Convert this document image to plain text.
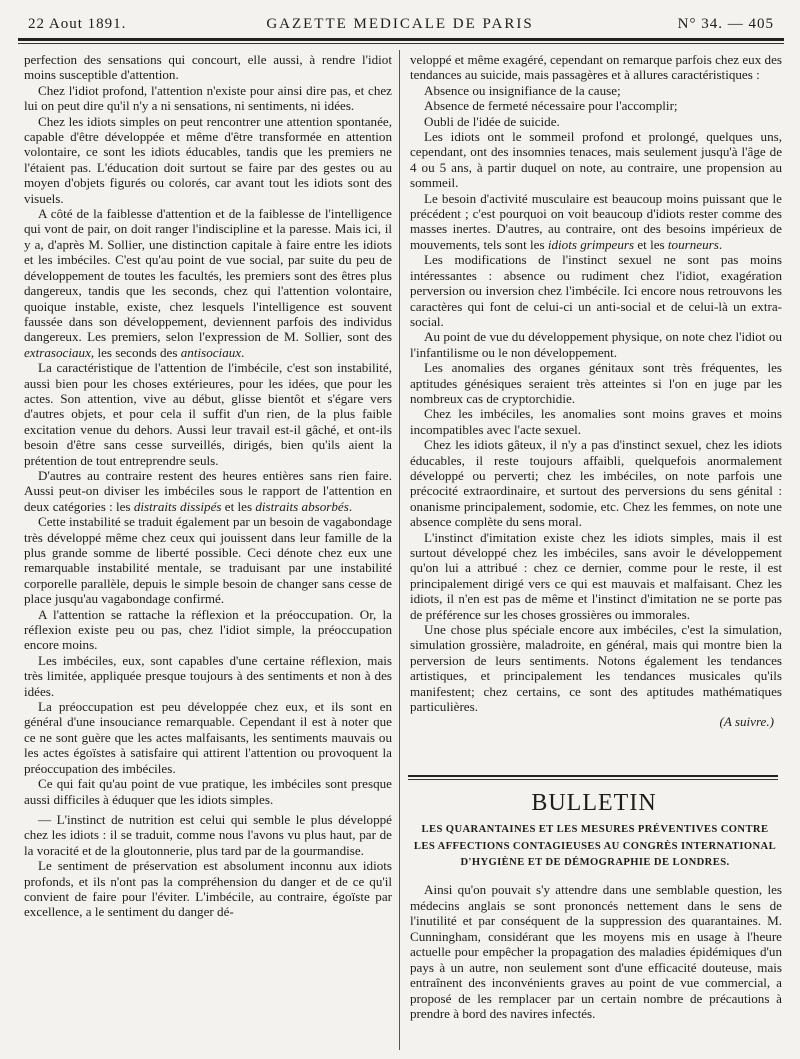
22 Aout 1891.	GAZETTE MEDICALE DE PARIS	N° 34. — 405

perfection des sensations qui concourt, elle aussi, à rendre l'idiot moins susceptible d'attention.

Chez l'idiot profond, l'attention n'existe pour ainsi dire pas, et chez lui on peut dire qu'il n'y a ni sensations, ni sentiments, ni idées.

Chez les idiots simples on peut rencontrer une attention spontanée, capable d'être développée et même d'être transformée en attention volontaire, ce sont les idiots éducables, tandis que les premiers ne l'étaient pas. L'éducation doit surtout se faire par des gestes ou au moyen d'objets figurés ou colorés, car avant tout les idiots sont des visuels.

A côté de la faiblesse d'attention et de la faiblesse de l'intelligence qui vont de pair, on doit ranger l'indiscipline et la paresse. Mais ici, il y a, d'après M. Sollier, une distinction capitale à faire entre les idiots et les imbéciles. C'est qu'au point de vue social, par suite du peu de développement de toutes les facultés, les premiers sont des êtres plus dangereux, tandis que les seconds, chez qui l'attention volontaire, quoique instable, existe, chez lesquels l'intelligence est souvent faussée dans son développement, deviennent parfois des individus dangereux. Les premiers, selon l'expression de M. Sollier, sont des extrasociaux, les seconds des antisociaux.

La caractéristique de l'attention de l'imbécile, c'est son instabilité, aussi bien pour les choses extérieures, pour les idées, que pour les actes. Son attention, vive au début, glisse bientôt et s'égare vers d'autres objets, et pour cela il suffit d'un rien, de la plus faible excitation venue du dehors. Aussi leur travail est-il gâché, et ont-ils besoin d'être sans cesse surveillés, dirigés, bien qu'ils aient la prétention de tout entreprendre seuls.

D'autres au contraire restent des heures entières sans rien faire. Aussi peut-on diviser les imbéciles sous le rapport de l'attention en deux catégories : les distraits dissipés et les distraits absorbés.

Cette instabilité se traduit également par un besoin de vagabondage très développé même chez ceux qui jouissent dans leur famille de la plus grande somme de liberté possible. Ceci dénote chez eux une remarquable instabilité mentale, se traduisant par une instabilité corporelle parallèle, depuis le simple besoin de changer sans cesse de place jusqu'au vagabondage confirmé.

A l'attention se rattache la réflexion et la préoccupation. Or, la réflexion existe peu ou pas, chez l'idiot simple, la préoccupation encore moins.

Les imbéciles, eux, sont capables d'une certaine réflexion, mais très limitée, appliquée presque toujours à des sentiments et non à des idées.

La préoccupation est peu développée chez eux, et ils sont en général d'une insouciance remarquable. Cependant il est à noter que ce ne sont guère que les actes malfaisants, les sentiments mauvais ou les actes égoïstes à satisfaire qui attirent l'attention ou provoquent la préoccupation des imbéciles.

Ce qui fait qu'au point de vue pratique, les imbéciles sont presque aussi difficiles à éduquer que les idiots simples.

— L'instinct de nutrition est celui qui semble le plus développé chez les idiots : il se traduit, comme nous l'avons vu plus haut, par de la voracité et de la gloutonnerie, plus tard par de la gourmandise.

Le sentiment de préservation est absolument inconnu aux idiots profonds, et ils n'ont pas la compréhension du danger et de ce qu'il convient de faire pour l'éviter. L'imbécile, au contraire, égoïste par excellence, a le sentiment du danger dé-

veloppé et même exagéré, cependant on remarque parfois chez eux des tendances au suicide, mais passagères et à allures caractéristiques :

Absence ou insignifiance de la cause;

Absence de fermeté nécessaire pour l'accomplir;

Oubli de l'idée de suicide.

Les idiots ont le sommeil profond et prolongé, quelques uns, cependant, ont des insomnies tenaces, mais seulement jusqu'à l'âge de 4 ou 5 ans, à partir duquel on note, au contraire, une propension au sommeil.

Le besoin d'activité musculaire est beaucoup moins puissant que le précédent ; c'est pourquoi on voit beaucoup d'idiots rester comme des masses inertes. D'autres, au contraire, ont des besoins impérieux de mouvements, tels sont les idiots grimpeurs et les tourneurs.

Les modifications de l'instinct sexuel ne sont pas moins intéressantes : absence ou rudiment chez l'idiot, exagération perversion ou inversion chez l'imbécile. Ici encore nous retrouvons les caractères qui font de celui-ci un anti-social et de celui-là un extra-social.

Au point de vue du développement physique, on note chez l'idiot ou l'infantilisme ou le non développement.

Les anomalies des organes génitaux sont très fréquentes, les aptitudes génésiques seraient très atteintes si l'on en juge par les nombreux cas de cryptorchidie.

Chez les imbéciles, les anomalies sont moins graves et moins incompatibles avec l'acte sexuel.

Chez les idiots gâteux, il n'y a pas d'instinct sexuel, chez les idiots éducables, il reste toujours affaibli, quelquefois anormalement développé ou perverti; chez les imbéciles, on note parfois une précocité extraordinaire, et surtout des perversions du sens génital : onanisme principalement, sodomie, etc. Chez les femmes, on note une absence complète du sens moral.

L'instinct d'imitation existe chez les idiots simples, mais il est surtout développé chez les imbéciles, sans avoir le développement qu'on lui a attribué : chez ce dernier, comme pour le reste, il est principalement dirigé vers ce qui est mauvais et malfaisant. Chez les idiots, il n'en est pas de même et l'instinct d'imitation ne se porte pas de préférence sur les choses grossières ou immorales.

Une chose plus spéciale encore aux imbéciles, c'est la simulation, simulation grossière, maladroite, en général, mais qui montre bien la perversion de leurs sentiments. Notons également les tendances artistiques, et principalement les tendances musicales qu'ils manifestent; chez certains, ce sont des aptitudes mathématiques particulières.

(A suivre.)

BULLETIN
LES QUARANTAINES ET LES MESURES PRÉVENTIVES CONTRE LES AFFECTIONS CONTAGIEUSES AU CONGRÈS INTERNATIONAL D'HYGIÈNE ET DE DÉMOGRAPHIE DE LONDRES.

Ainsi qu'on pouvait s'y attendre dans une semblable question, les médecins anglais se sont prononcés nettement dans le sens de l'inutilité et par conséquent de la suppression des quarantaines. M. Cunningham, considérant que les moyens mis en usage à l'heure actuelle pour empêcher la propagation des maladies épidémiques d'un pays à un autre, non seulement sont d'une efficacité douteuse, mais entraînent des inconvénients graves au point de vue commercial, a proposé de les remplacer par un certain nombre de précautions à prendre à bord des navires infectés.
